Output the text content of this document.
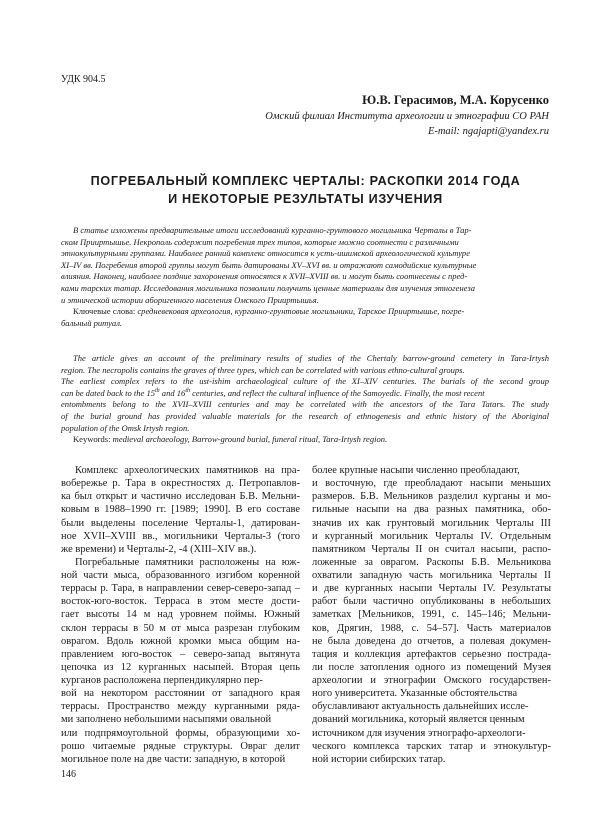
УДК 904.5
Ю.В. Герасимов, М.А. Корусенко
Омский филиал Института археологии и этнографии СО РАН
E-mail: ngajapti@yandex.ru
ПОГРЕБАЛЬНЫЙ КОМПЛЕКС ЧЕРТАЛЫ: РАСКОПКИ 2014 ГОДА
И НЕКОТОРЫЕ РЕЗУЛЬТАТЫ ИЗУЧЕНИЯ
В статье изложены предварительные итоги исследований курганно-грунтового могильника Черталы в Тар-
ском Прииртышье. Некрополь содержит погребения трех типов, которые можно соотнести с различными
этнокультурными группами. Наиболее ранний комплекс относится к усть-ишимской археологической культуре
XI–IV вв. Погребения второй группы могут быть датированы XV–XVI вв. и отражают самодийские культурные
влияния. Наконец, наиболее поздние захоронения относятся к XVII–XVIII вв. и могут быть соотнесены с пред-
ками тарских татар. Исследования могильника позволили получить ценные материалы для изучения этногенеза
и этнической истории аборигенного населения Омского Прииртышья.
Ключевые слова: средневековая археология, курганно-грунтовые могильники, Тарское Прииртышье, погре-
бальный ритуал.
The article gives an account of the preliminary results of studies of the Chertaly barrow-ground cemetery in Tara-Irtysh
region. The necropolis contains the graves of three types, which can be correlated with various ethno-cultural groups.
The earliest complex refers to the ust-ishim archaeological culture of the XI–XIV centuries. The burials of the second group
can be dated back to the 15th and 16th centuries, and reflect the cultural influence of the Samoyedic. Finally, the most recent
entombments belong to the XVII–XVIII centuries and may be correlated with the ancestors of the Tara Tatars. The study
of the burial ground has provided valuable materials for the research of ethnogenesis and ethnic history of the Aboriginal
population of the Omsk Irtysh region.
Keywords: medieval archaeology, Barrow-ground burial, funeral ritual, Tara-Irtysh region.
Комплекс археологических памятников на пра-
вобережье р. Тара в окрестностях д. Петропавлов-
ка был открыт и частично исследован Б.В. Мельни-
ковым в 1988–1990 гг. [1989; 1990]. В его составе
были выделены поселение Черталы-1, датирован-
ное XVII–XVIII вв., могильники Черталы-3 (того
же времени) и Черталы-2, -4 (XIII–XIV вв.).
Погребальные памятники расположены на юж-
ной части мыса, образованного изгибом коренной
террасы р. Тара, в направлении север-северо-запад –
восток-юго-восток. Терраса в этом месте дости-
гает высоты 14 м над уровнем поймы. Южный
склон террасы в 50 м от мыса разрезан глубоким
оврагом. Вдоль южной кромки мыса общим на-
правлением юго-восток – северо-запад вытянута
цепочка из 12 курганных насыпей. Вторая цепь
курганов расположена перпендикулярно пер-
вой на некотором расстоянии от западного края
террасы. Пространство между курганными ряда-
ми заполнено небольшими насыпями овальной
или подпрямоугольной формы, образующими хо-
рошо читаемые рядные структуры. Овраг делит
могильное поле на две части: западную, в которой
более крупные насыпи численно преобладают,
и восточную, где преобладают насыпи меньших
размеров. Б.В. Мельников разделил курганы и мо-
гильные насыпи на два разных памятника, обо-
значив их как грунтовый могильник Черталы III
и курганный могильник Черталы IV. Отдельным
памятником Черталы II он считал насыпи, распо-
ложенные за оврагом. Раскопы Б.В. Мельникова
охватили западную часть могильника Черталы II
и две курганных насыпи Черталы IV. Результаты
работ были частично опубликованы в небольших
заметках [Мельников, 1991, с. 145–146; Мельни-
ков, Дрягин, 1988, с. 54–57]. Часть материалов
не была доведена до отчетов, а полевая докумен-
тация и коллекция артефактов серьезно пострада-
ли после затопления одного из помещений Музея
археологии и этнографии Омского государствен-
ного университета. Указанные обстоятельства
обуславливают актуальность дальнейших иссле-
дований могильника, который является ценным
источником для изучения этнографо-археологи-
ческого комплекса тарских татар и этнокультур-
ной истории сибирских татар.
146
